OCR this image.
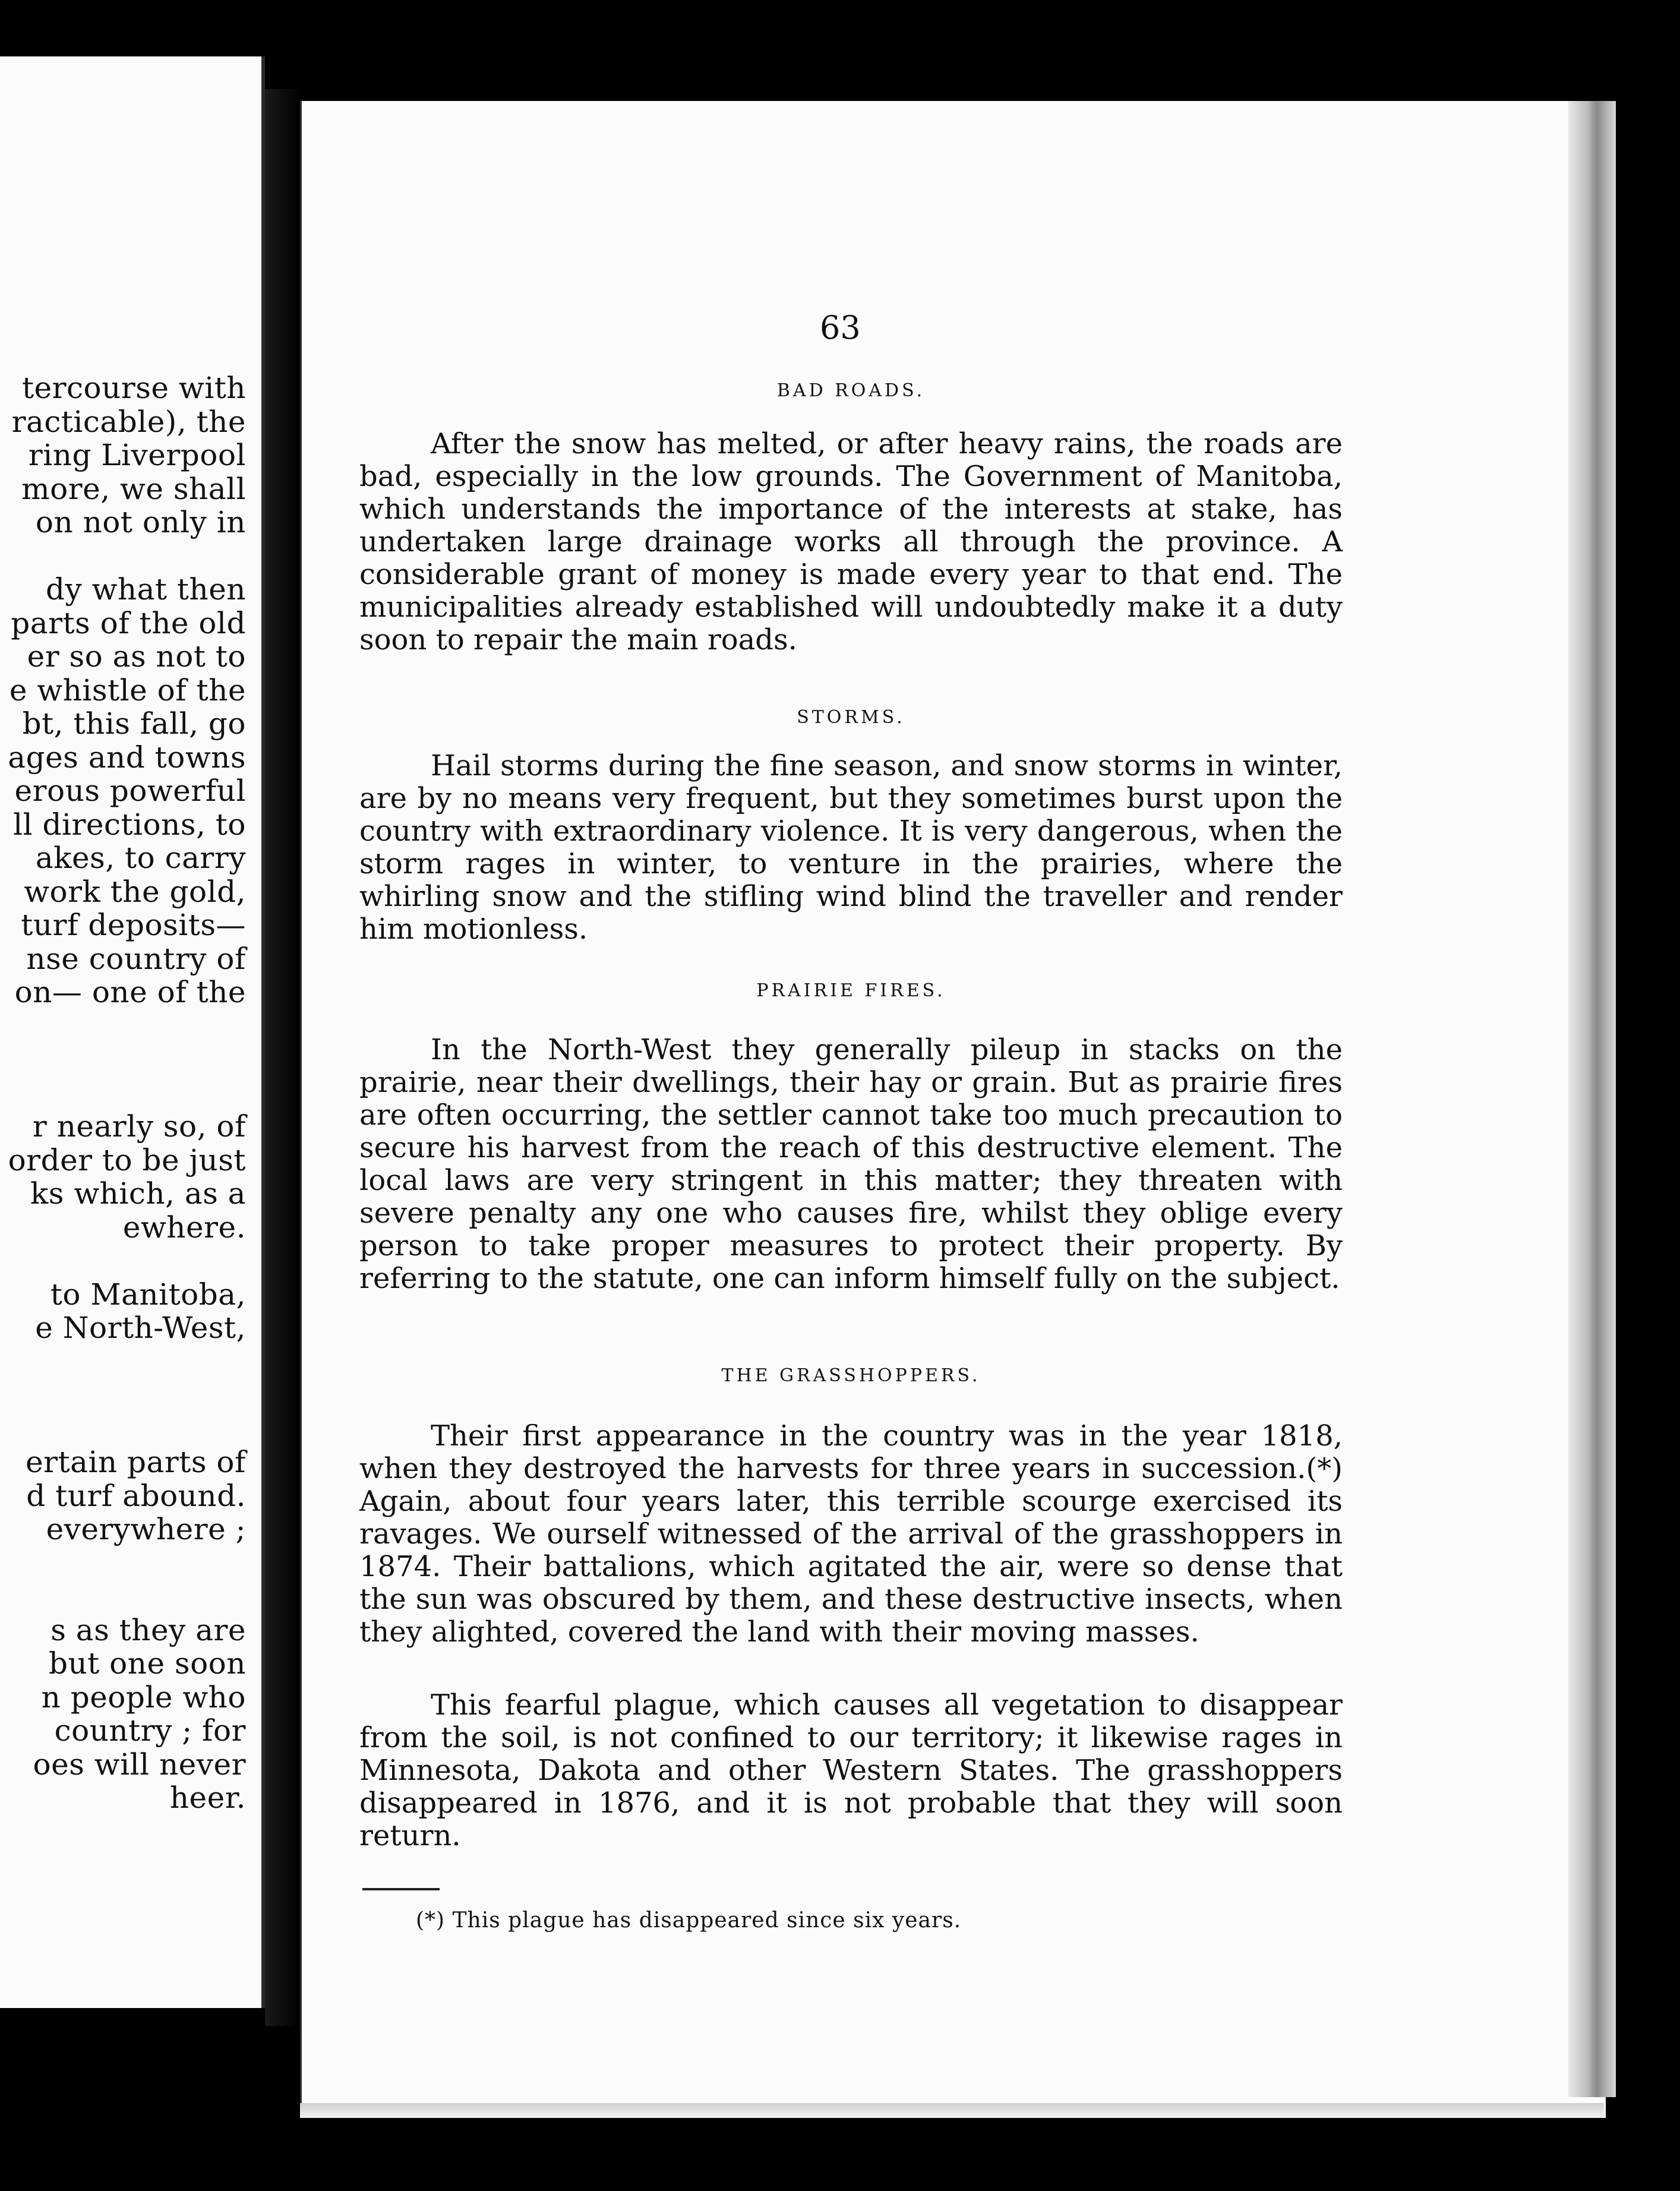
tercourse with
racticable), the
ring Liverpool
more, we shall
on not only in
dy what then
parts of the old
er so as not to
e whistle of the
bt, this fall, go
ages and towns
erous powerful
ll directions, to
akes, to carry
work the gold,
turf deposits—
nse country of
on— one of the
r nearly so, of
order to be just
ks which, as a
ewhere.
to Manitoba,
e North-West,
ertain parts of
d turf abound.
everywhere ;
s as they are
but one soon
n people who
country ; for
oes will never
heer.
63
BAD ROADS.

After the snow has melted, or after heavy rains, the roads are bad, especially in the low grounds. The Government of Manitoba, which understands the importance of the interests at stake, has undertaken large drainage works all through the province. A considerable grant of money is made every year to that end. The municipalities already established will undoubtedly make it a duty soon to repair the main roads.

STORMS.

Hail storms during the fine season, and snow storms in winter, are by no means very frequent, but they sometimes burst upon the country with extraordinary violence. It is very dangerous, when the storm rages in winter, to venture in the prairies, where the whirling snow and the stifling wind blind the traveller and render him motionless.

PRAIRIE FIRES.

In the North-West they generally pileup in stacks on the prairie, near their dwellings, their hay or grain. But as prairie fires are often occurring, the settler cannot take too much precaution to secure his harvest from the reach of this destructive element. The local laws are very stringent in this matter; they threaten with severe penalty any one who causes fire, whilst they oblige every person to take proper measures to protect their property. By referring to the statute, one can inform himself fully on the subject.

THE GRASSHOPPERS.

Their first appearance in the country was in the year 1818, when they destroyed the harvests for three years in succession.(*) Again, about four years later, this terrible scourge exercised its ravages. We ourself witnessed of the arrival of the grasshoppers in 1874. Their battalions, which agitated the air, were so dense that the sun was obscured by them, and these destructive insects, when they alighted, covered the land with their moving masses.

This fearful plague, which causes all vegetation to disappear from the soil, is not confined to our territory; it likewise rages in Minnesota, Dakota and other Western States. The grasshoppers disappeared in 1876, and it is not probable that they will soon return.

(*) This plague has disappeared since six years.
